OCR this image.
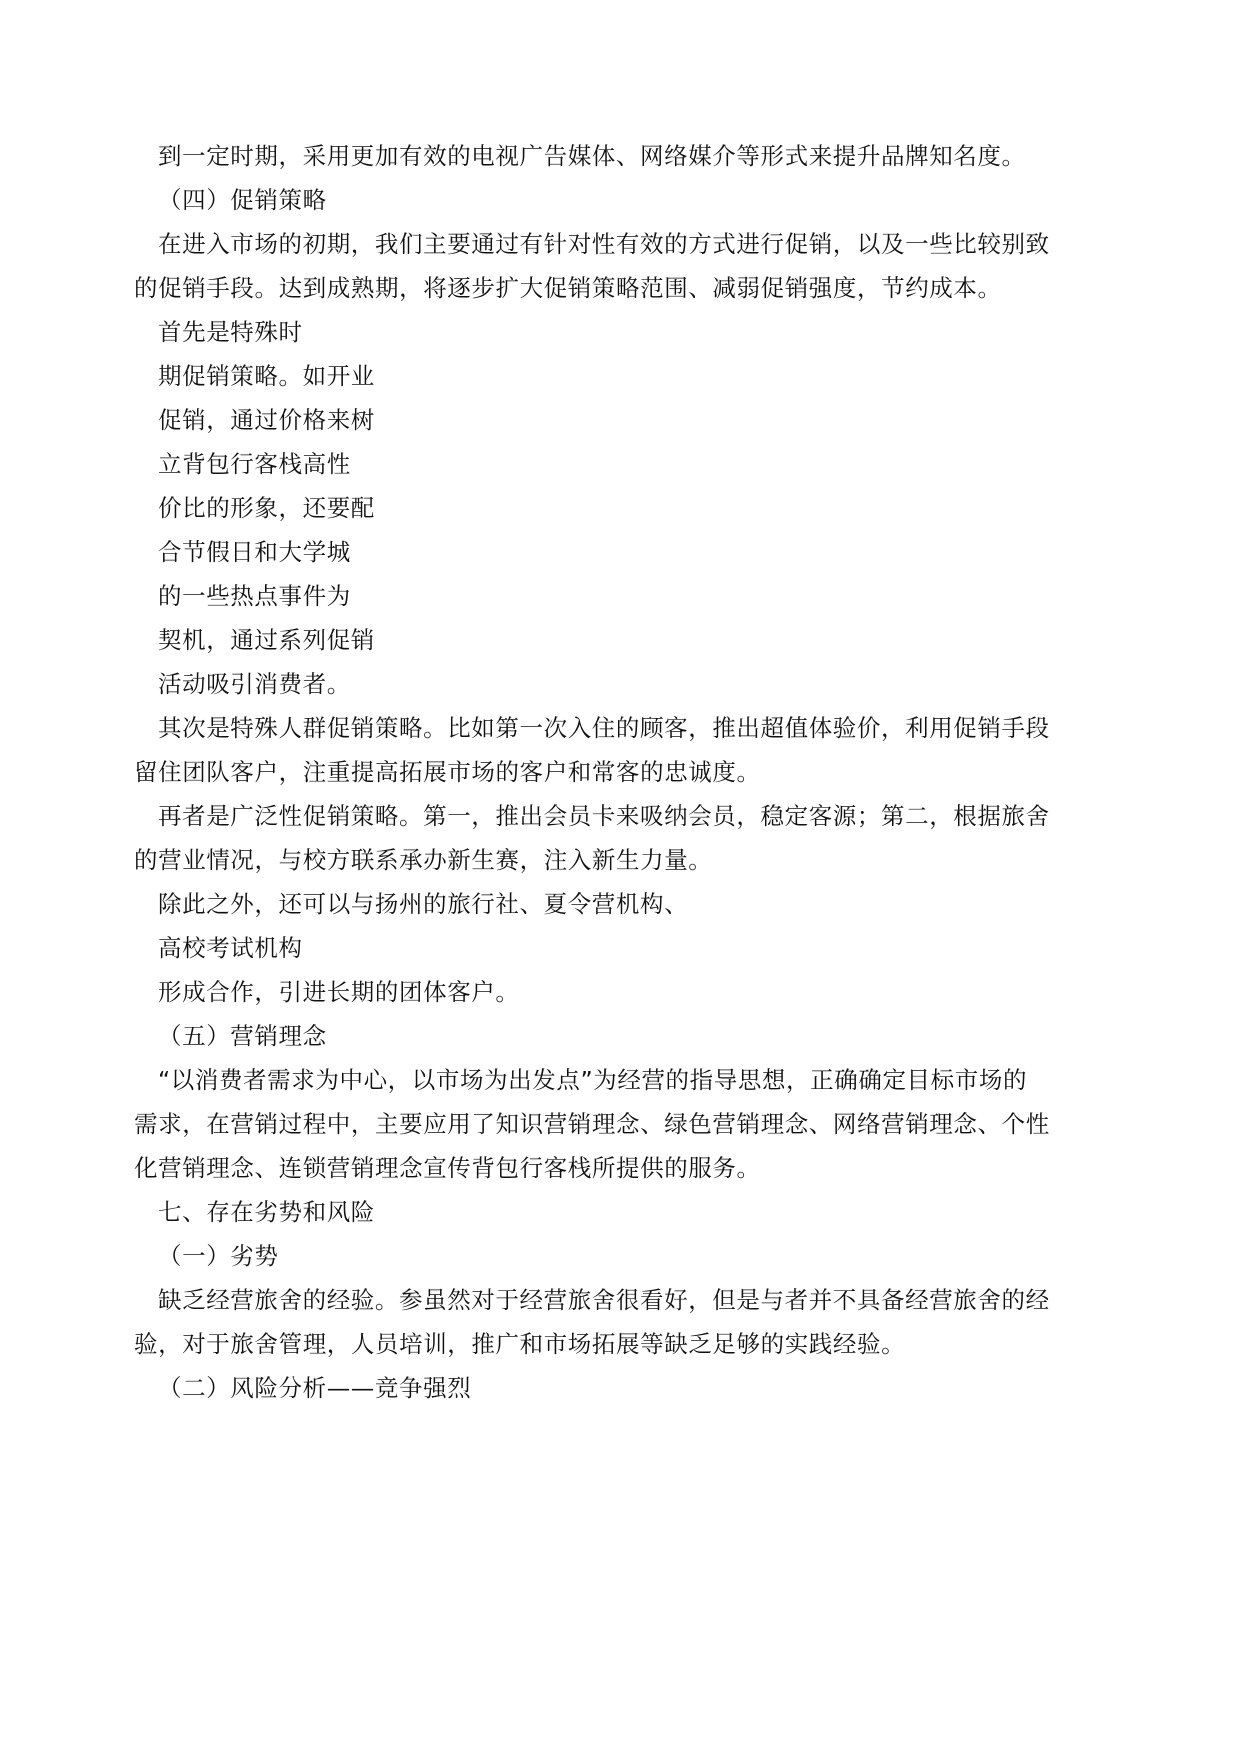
到一定时期，采用更加有效的电视广告媒体、网络媒介等形式来提升品牌知名度。
（四）促销策略
在进入市场的初期，我们主要通过有针对性有效的方式进行促销，以及一些比较别致
的促销手段。达到成熟期，将逐步扩大促销策略范围、减弱促销强度，节约成本。
首先是特殊时
期促销策略。如开业
促销，通过价格来树
立背包行客栈高性
价比的形象，还要配
合节假日和大学城
的一些热点事件为
契机，通过系列促销
活动吸引消费者。
其次是特殊人群促销策略。比如第一次入住的顾客，推出超值体验价，利用促销手段
留住团队客户，注重提高拓展市场的客户和常客的忠诚度。
再者是广泛性促销策略。第一，推出会员卡来吸纳会员，稳定客源；第二，根据旅舍
的营业情况，与校方联系承办新生赛，注入新生力量。
除此之外，还可以与扬州的旅行社、夏令营机构、
高校考试机构
形成合作，引进长期的团体客户。
（五）营销理念
“以消费者需求为中心，以市场为出发点”为经营的指导思想，正确确定目标市场的
需求，在营销过程中，主要应用了知识营销理念、绿色营销理念、网络营销理念、个性
化营销理念、连锁营销理念宣传背包行客栈所提供的服务。
七、存在劣势和风险
（一）劣势
缺乏经营旅舍的经验。参虽然对于经营旅舍很看好，但是与者并不具备经营旅舍的经
验，对于旅舍管理，人员培训，推广和市场拓展等缺乏足够的实践经验。
（二）风险分析——竞争强烈
